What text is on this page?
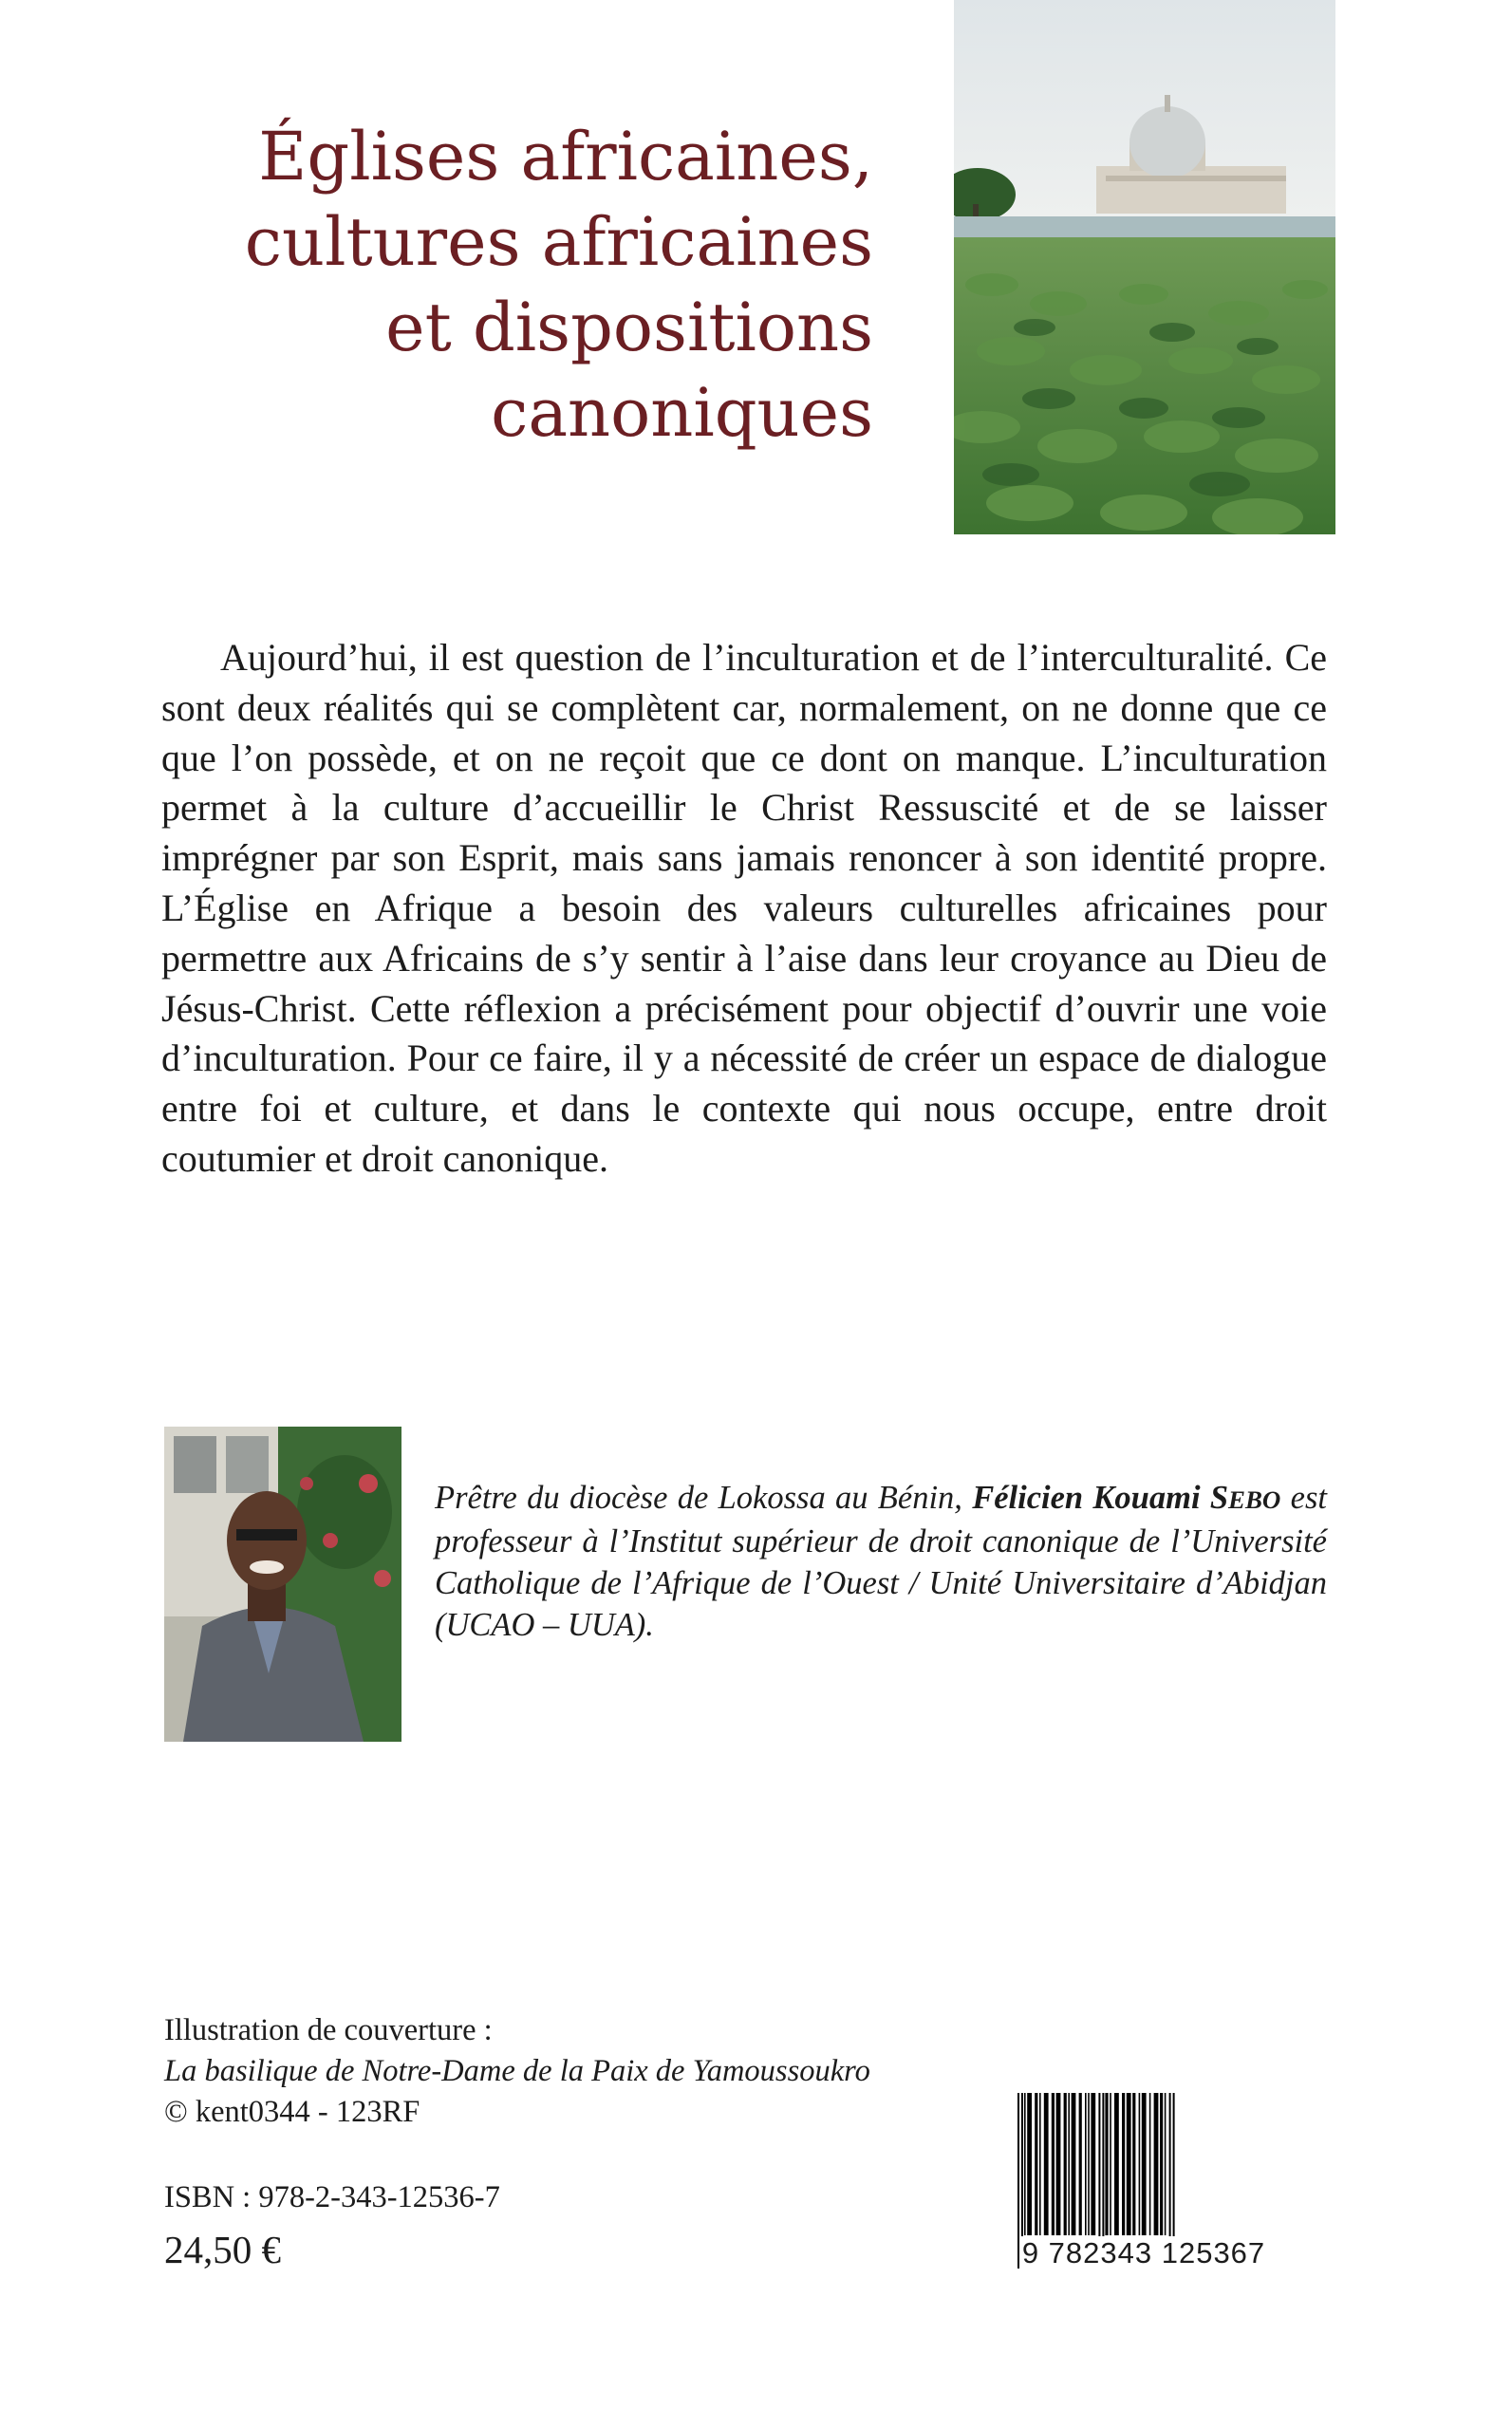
Églises africaines,
cultures africaines
et dispositions
canoniques

Aujourd’hui, il est question de l’inculturation et de l’interculturalité. Ce sont deux réalités qui se complètent car, normalement, on ne donne que ce que l’on possède, et on ne reçoit que ce dont on manque. L’inculturation permet à la culture d’accueillir le Christ Ressuscité et de se laisser imprégner par son Esprit, mais sans jamais renoncer à son identité propre. L’Église en Afrique a besoin des valeurs culturelles africaines pour permettre aux Africains de s’y sentir à l’aise dans leur croyance au Dieu de Jésus-Christ. Cette réflexion a précisément pour objectif d’ouvrir une voie d’inculturation. Pour ce faire, il y a nécessité de créer un espace de dialogue entre foi et culture, et dans le contexte qui nous occupe, entre droit coutumier et droit canonique.

Prêtre du diocèse de Lokossa au Bénin, Félicien Kouami SEBO est professeur à l’Institut supérieur de droit canonique de l’Université Catholique de l’Afrique de l’Ouest / Unité Universitaire d’Abidjan (UCAO – UUA).

Illustration de couverture :
La basilique de Notre-Dame de la Paix de Yamoussoukro
© kent0344 - 123RF
ISBN : 978-2-343-12536-7
24,50 €	9 782343 125367
